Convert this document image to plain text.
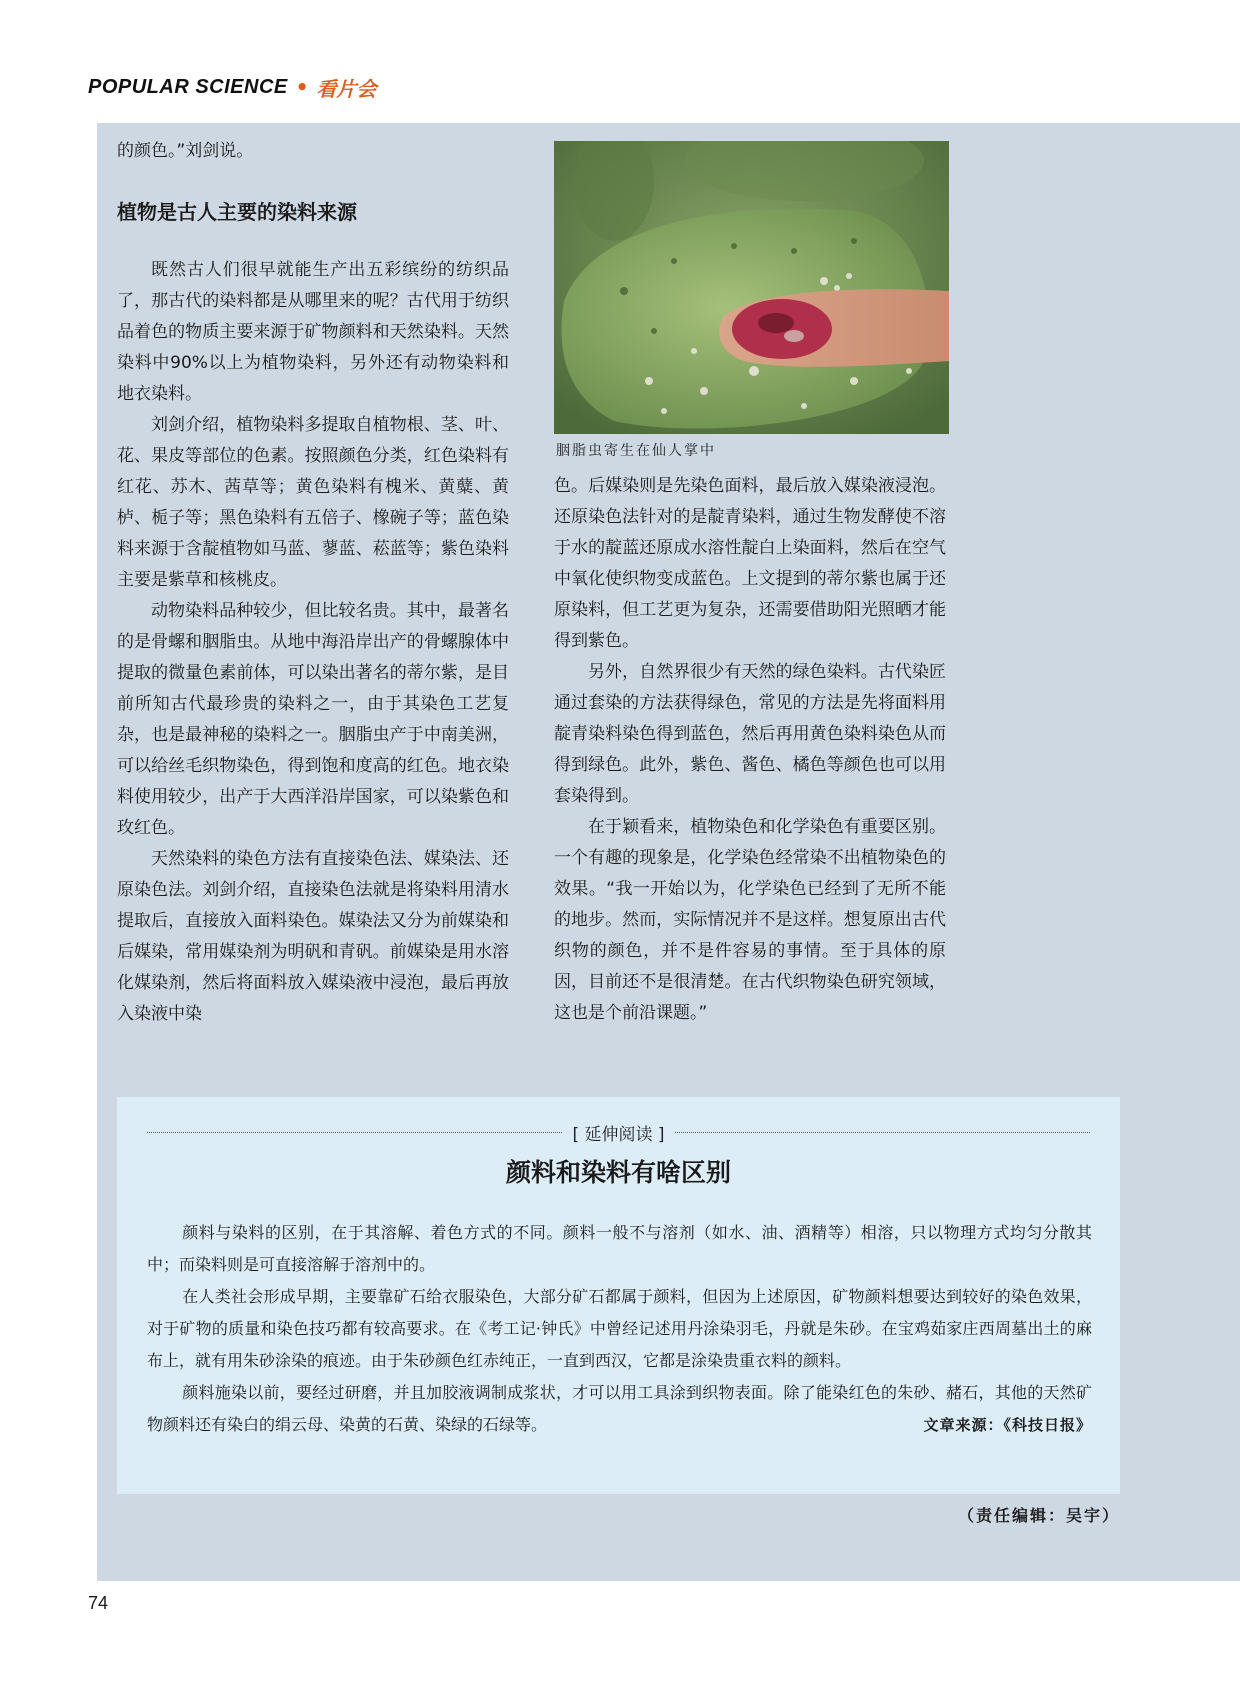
POPULAR SCIENCE • 看片会

的颜色。”刘剑说。

植物是古人主要的染料来源

既然古人们很早就能生产出五彩缤纷的纺织品了，那古代的染料都是从哪里来的呢？古代用于纺织品着色的物质主要来源于矿物颜料和天然染料。天然染料中90%以上为植物染料，另外还有动物染料和地衣染料。

刘剑介绍，植物染料多提取自植物根、茎、叶、花、果皮等部位的色素。按照颜色分类，红色染料有红花、苏木、茜草等；黄色染料有槐米、黄糵、黄栌、栀子等；黑色染料有五倍子、橡碗子等；蓝色染料来源于含靛植物如马蓝、蓼蓝、菘蓝等；紫色染料主要是紫草和核桃皮。

动物染料品种较少，但比较名贵。其中，最著名的是骨螺和胭脂虫。从地中海沿岸出产的骨螺腺体中提取的微量色素前体，可以染出著名的蒂尔紫，是目前所知古代最珍贵的染料之一，由于其染色工艺复杂，也是最神秘的染料之一。胭脂虫产于中南美洲，可以给丝毛织物染色，得到饱和度高的红色。地衣染料使用较少，出产于大西洋沿岸国家，可以染紫色和玫红色。

天然染料的染色方法有直接染色法、媒染法、还原染色法。刘剑介绍，直接染色法就是将染料用清水提取后，直接放入面料染色。媒染法又分为前媒染和后媒染，常用媒染剂为明矾和青矾。前媒染是用水溶化媒染剂，然后将面料放入媒染液中浸泡，最后再放入染液中染

胭脂虫寄生在仙人掌中

色。后媒染则是先染色面料，最后放入媒染液浸泡。还原染色法针对的是靛青染料，通过生物发酵使不溶于水的靛蓝还原成水溶性靛白上染面料，然后在空气中氧化使织物变成蓝色。上文提到的蒂尔紫也属于还原染料，但工艺更为复杂，还需要借助阳光照晒才能得到紫色。

另外，自然界很少有天然的绿色染料。古代染匠通过套染的方法获得绿色，常见的方法是先将面料用靛青染料染色得到蓝色，然后再用黄色染料染色从而得到绿色。此外，紫色、酱色、橘色等颜色也可以用套染得到。

在于颖看来，植物染色和化学染色有重要区别。一个有趣的现象是，化学染色经常染不出植物染色的效果。“我一开始以为，化学染色已经到了无所不能的地步。然而，实际情况并不是这样。想复原出古代织物的颜色，并不是件容易的事情。至于具体的原因，目前还不是很清楚。在古代织物染色研究领域，这也是个前沿课题。”

[ 延伸阅读 ]
颜料和染料有啥区别

颜料与染料的区别，在于其溶解、着色方式的不同。颜料一般不与溶剂（如水、油、酒精等）相溶，只以物理方式均匀分散其中；而染料则是可直接溶解于溶剂中的。

在人类社会形成早期，主要靠矿石给衣服染色，大部分矿石都属于颜料，但因为上述原因，矿物颜料想要达到较好的染色效果，对于矿物的质量和染色技巧都有较高要求。在《考工记·钟氏》中曾经记述用丹涂染羽毛，丹就是朱砂。在宝鸡茹家庄西周墓出土的麻布上，就有用朱砂涂染的痕迹。由于朱砂颜色红赤纯正，一直到西汉，它都是涂染贵重衣料的颜料。

颜料施染以前，要经过研磨，并且加胶液调制成浆状，才可以用工具涂到织物表面。除了能染红色的朱砂、赭石，其他的天然矿物颜料还有染白的绢云母、染黄的石黄、染绿的石绿等。	文章来源：《科技日报》

（责任编辑：吴宇）
74
